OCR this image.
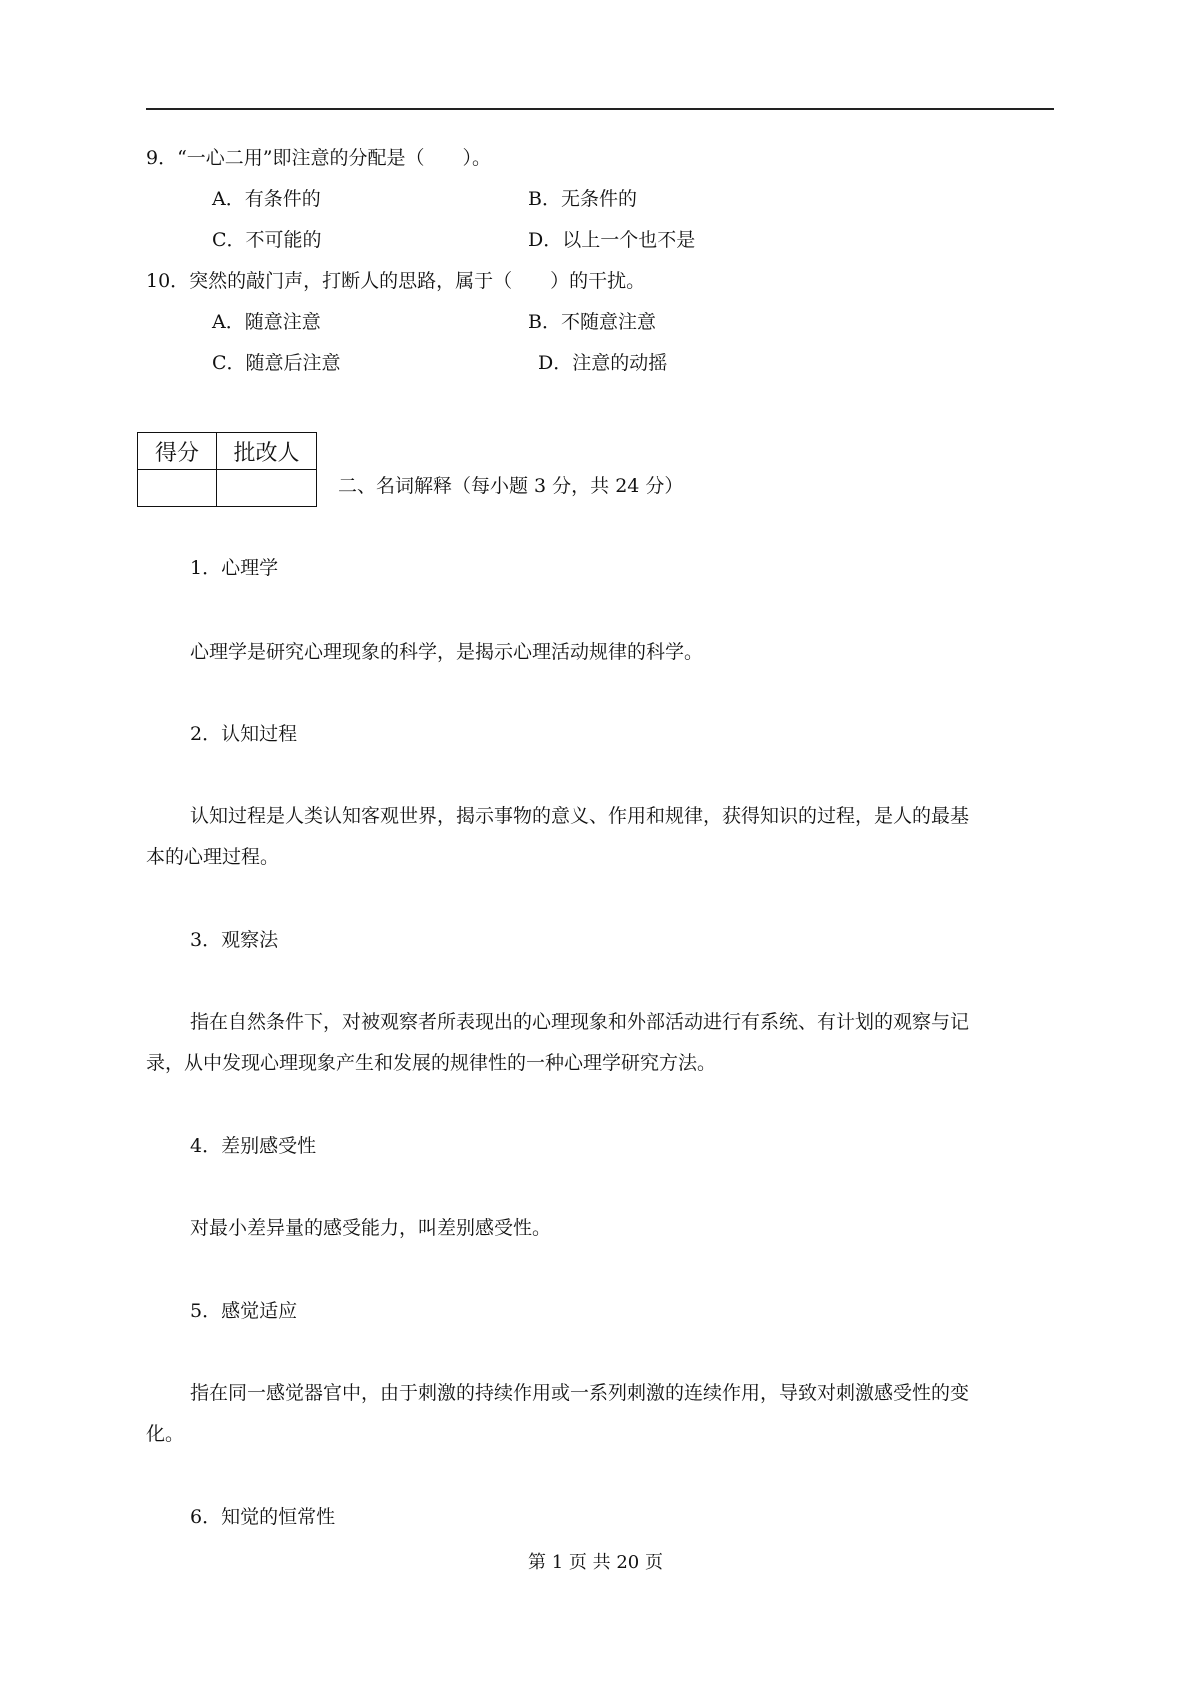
9．“一心二用”即注意的分配是（　　）。
A．有条件的	B．无条件的
C．不可能的	D．以上一个也不是
10．突然的敲门声，打断人的思路，属于（　　）的干扰。
A．随意注意	B．不随意注意
C．随意后注意	D．注意的动摇
得分	批改人

二、名词解释（每小题 3 分，共 24 分）
1．心理学
心理学是研究心理现象的科学，是揭示心理活动规律的科学。
2．认知过程
认知过程是人类认知客观世界，揭示事物的意义、作用和规律，获得知识的过程，是人的最基
本的心理过程。
3．观察法
指在自然条件下，对被观察者所表现出的心理现象和外部活动进行有系统、有计划的观察与记
录，从中发现心理现象产生和发展的规律性的一种心理学研究方法。
4．差别感受性
对最小差异量的感受能力，叫差别感受性。
5．感觉适应
指在同一感觉器官中，由于刺激的持续作用或一系列刺激的连续作用，导致对刺激感受性的变
化。
6．知觉的恒常性
第 1 页 共 20 页
